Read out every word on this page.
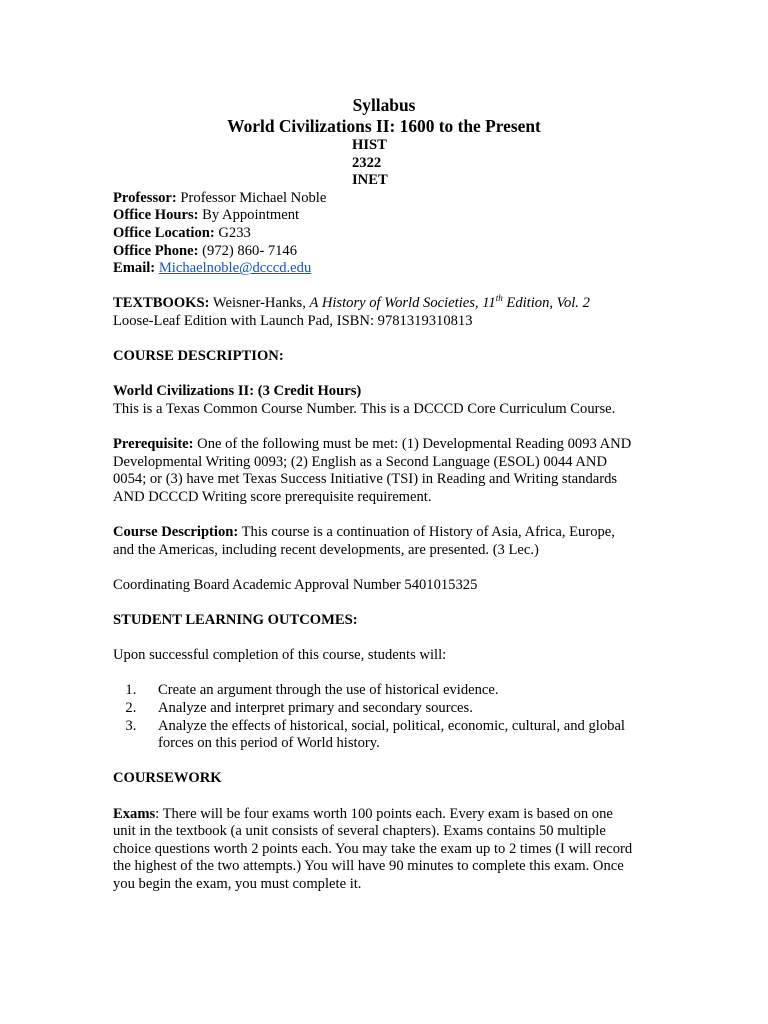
Syllabus
World Civilizations II: 1600 to the Present
HIST 2322
INET
Professor: Professor Michael Noble
Office Hours: By Appointment
Office Location: G233
Office Phone: (972) 860- 7146
Email: Michaelnoble@dcccd.edu
TEXTBOOKS: Weisner-Hanks, A History of World Societies, 11th Edition, Vol. 2
Loose-Leaf Edition with Launch Pad, ISBN: 9781319310813
COURSE DESCRIPTION:
World Civilizations II: (3 Credit Hours)
This is a Texas Common Course Number. This is a DCCCD Core Curriculum Course.
Prerequisite: One of the following must be met: (1) Developmental Reading 0093 AND
Developmental Writing 0093; (2) English as a Second Language (ESOL) 0044 AND
0054; or (3) have met Texas Success Initiative (TSI) in Reading and Writing standards
AND DCCCD Writing score prerequisite requirement.
Course Description: This course is a continuation of History of Asia, Africa, Europe,
and the Americas, including recent developments, are presented. (3 Lec.)
Coordinating Board Academic Approval Number 5401015325
STUDENT LEARNING OUTCOMES:
Upon successful completion of this course, students will:
1. Create an argument through the use of historical evidence.
2. Analyze and interpret primary and secondary sources.
3. Analyze the effects of historical, social, political, economic, cultural, and global forces on this period of World history.
COURSEWORK
Exams: There will be four exams worth 100 points each. Every exam is based on one
unit in the textbook (a unit consists of several chapters). Exams contains 50 multiple
choice questions worth 2 points each. You may take the exam up to 2 times (I will record
the highest of the two attempts.) You will have 90 minutes to complete this exam. Once
you begin the exam, you must complete it.
